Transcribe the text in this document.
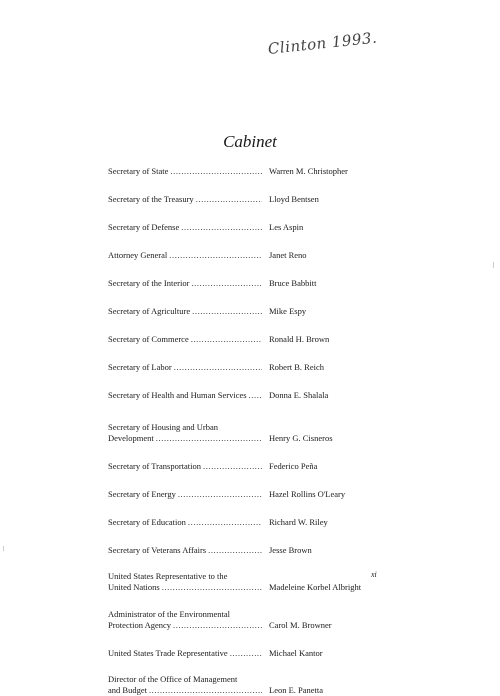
Clinton 1993.
Cabinet
Secretary of State .....	Warren M. Christopher
Secretary of the Treasury .....	Lloyd Bentsen
Secretary of Defense .....	Les Aspin
Attorney General .....	Janet Reno
Secretary of the Interior .....	Bruce Babbitt
Secretary of Agriculture .....	Mike Espy
Secretary of Commerce .....	Ronald H. Brown
Secretary of Labor .....	Robert B. Reich
Secretary of Health and Human Services .....	Donna E. Shalala
Secretary of Housing and Urban
Development .....	Henry G. Cisneros
Secretary of Transportation .....	Federico Peña
Secretary of Energy .....	Hazel Rollins O'Leary
Secretary of Education .....	Richard W. Riley
Secretary of Veterans Affairs .....	Jesse Brown
United States Representative to the
United Nations .....	Madeleine Korbel Albright
Administrator of the Environmental
Protection Agency .....	Carol M. Browner
United States Trade Representative .....	Michael Kantor
Director of the Office of Management
and Budget .....	Leon E. Panetta
xi
